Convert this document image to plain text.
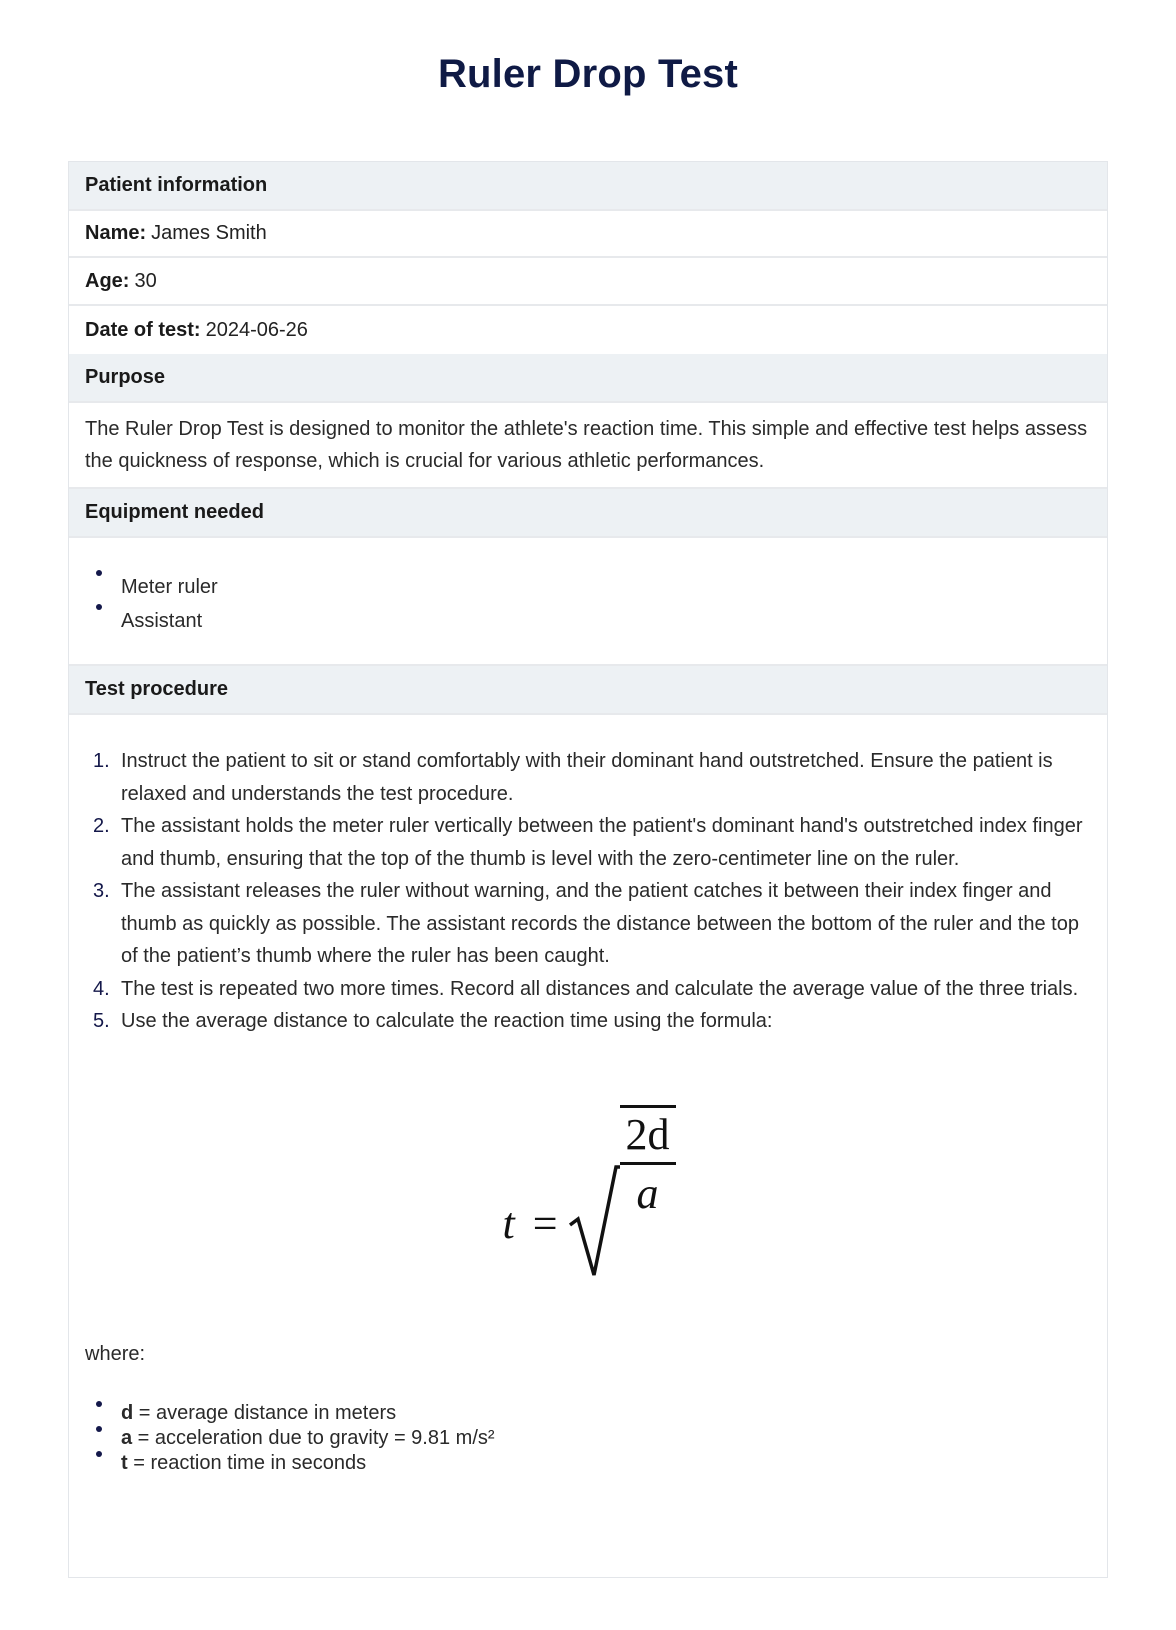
Ruler Drop Test
Patient information
Name: James Smith
Age: 30
Date of test: 2024-06-26
Purpose
The Ruler Drop Test is designed to monitor the athlete's reaction time. This simple and effective test helps assess the quickness of response, which is crucial for various athletic performances.
Equipment needed
Meter ruler
Assistant
Test procedure
1. Instruct the patient to sit or stand comfortably with their dominant hand outstretched. Ensure the patient is relaxed and understands the test procedure.
2. The assistant holds the meter ruler vertically between the patient's dominant hand's outstretched index finger and thumb, ensuring that the top of the thumb is level with the zero-centimeter line on the ruler.
3. The assistant releases the ruler without warning, and the patient catches it between their index finger and thumb as quickly as possible. The assistant records the distance between the bottom of the ruler and the top of the patient’s thumb where the ruler has been caught.
4. The test is repeated two more times. Record all distances and calculate the average value of the three trials.
5. Use the average distance to calculate the reaction time using the formula:
t =
2d
a
where:
d = average distance in meters
a = acceleration due to gravity = 9.81 m/s²
t = reaction time in seconds
